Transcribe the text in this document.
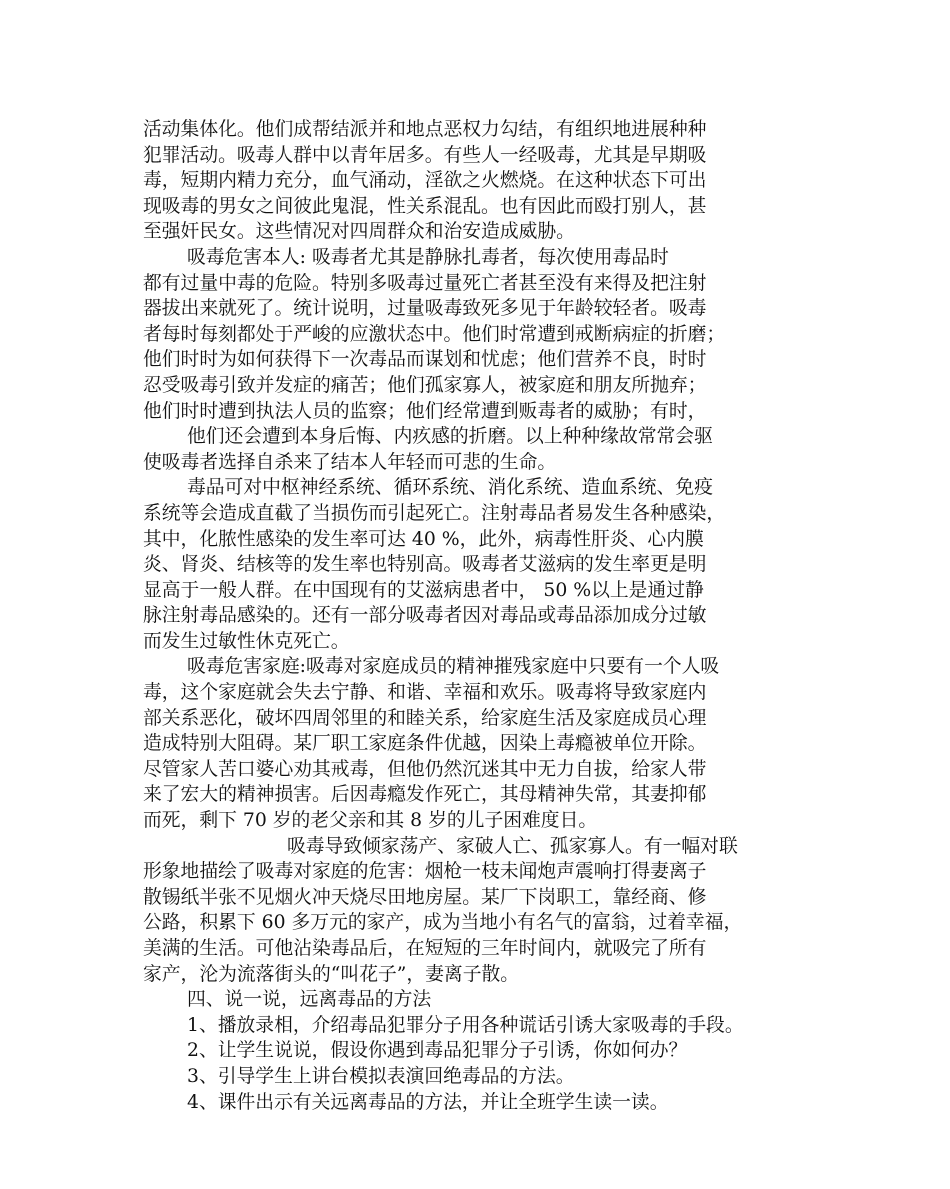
活动集体化。他们成帮结派并和地点恶权力勾结，有组织地进展种种
犯罪活动。吸毒人群中以青年居多。有些人一经吸毒，尤其是早期吸
毒，短期内精力充分，血气涌动，淫欲之火燃烧。在这种状态下可出
现吸毒的男女之间彼此鬼混，性关系混乱。也有因此而殴打别人，甚
至强奸民女。这些情况对四周群众和治安造成威胁。
吸毒危害本人: 吸毒者尤其是静脉扎毒者，每次使用毒品时
都有过量中毒的危险。特别多吸毒过量死亡者甚至没有来得及把注射
器拔出来就死了。统计说明，过量吸毒致死多见于年龄较轻者。吸毒
者每时每刻都处于严峻的应激状态中。他们时常遭到戒断病症的折磨；
他们时时为如何获得下一次毒品而谋划和忧虑；他们营养不良，时时
忍受吸毒引致并发症的痛苦；他们孤家寡人，被家庭和朋友所抛弃；
他们时时遭到执法人员的监察；他们经常遭到贩毒者的威胁；有时，
他们还会遭到本身后悔、内疚感的折磨。以上种种缘故常常会驱
使吸毒者选择自杀来了结本人年轻而可悲的生命。
毒品可对中枢神经系统、循环系统、消化系统、造血系统、免疫
系统等会造成直截了当损伤而引起死亡。注射毒品者易发生各种感染，
其中，化脓性感染的发生率可达 40 %，此外，病毒性肝炎、心内膜
炎、肾炎、结核等的发生率也特别高。吸毒者艾滋病的发生率更是明
显高于一般人群。在中国现有的艾滋病患者中， 50 %以上是通过静
脉注射毒品感染的。还有一部分吸毒者因对毒品或毒品添加成分过敏
而发生过敏性休克死亡。
吸毒危害家庭:吸毒对家庭成员的精神摧残家庭中只要有一个人吸
毒，这个家庭就会失去宁静、和谐、幸福和欢乐。吸毒将导致家庭内
部关系恶化，破坏四周邻里的和睦关系，给家庭生活及家庭成员心理
造成特别大阻碍。某厂职工家庭条件优越，因染上毒瘾被单位开除。
尽管家人苦口婆心劝其戒毒，但他仍然沉迷其中无力自拔，给家人带
来了宏大的精神损害。后因毒瘾发作死亡，其母精神失常，其妻抑郁
而死，剩下 70 岁的老父亲和其 8 岁的儿子困难度日。
吸毒导致倾家荡产、家破人亡、孤家寡人。有一幅对联
形象地描绘了吸毒对家庭的危害：烟枪一枝未闻炮声震响打得妻离子
散锡纸半张不见烟火冲天烧尽田地房屋。某厂下岗职工，靠经商、修
公路，积累下 60 多万元的家产，成为当地小有名气的富翁，过着幸福，
美满的生活。可他沾染毒品后，在短短的三年时间内，就吸完了所有
家产，沦为流落街头的“叫花子”，妻离子散。
四、说一说，远离毒品的方法
1、播放录相，介绍毒品犯罪分子用各种谎话引诱大家吸毒的手段。
2、让学生说说，假设你遇到毒品犯罪分子引诱，你如何办？
3、引导学生上讲台模拟表演回绝毒品的方法。
4、课件出示有关远离毒品的方法，并让全班学生读一读。
